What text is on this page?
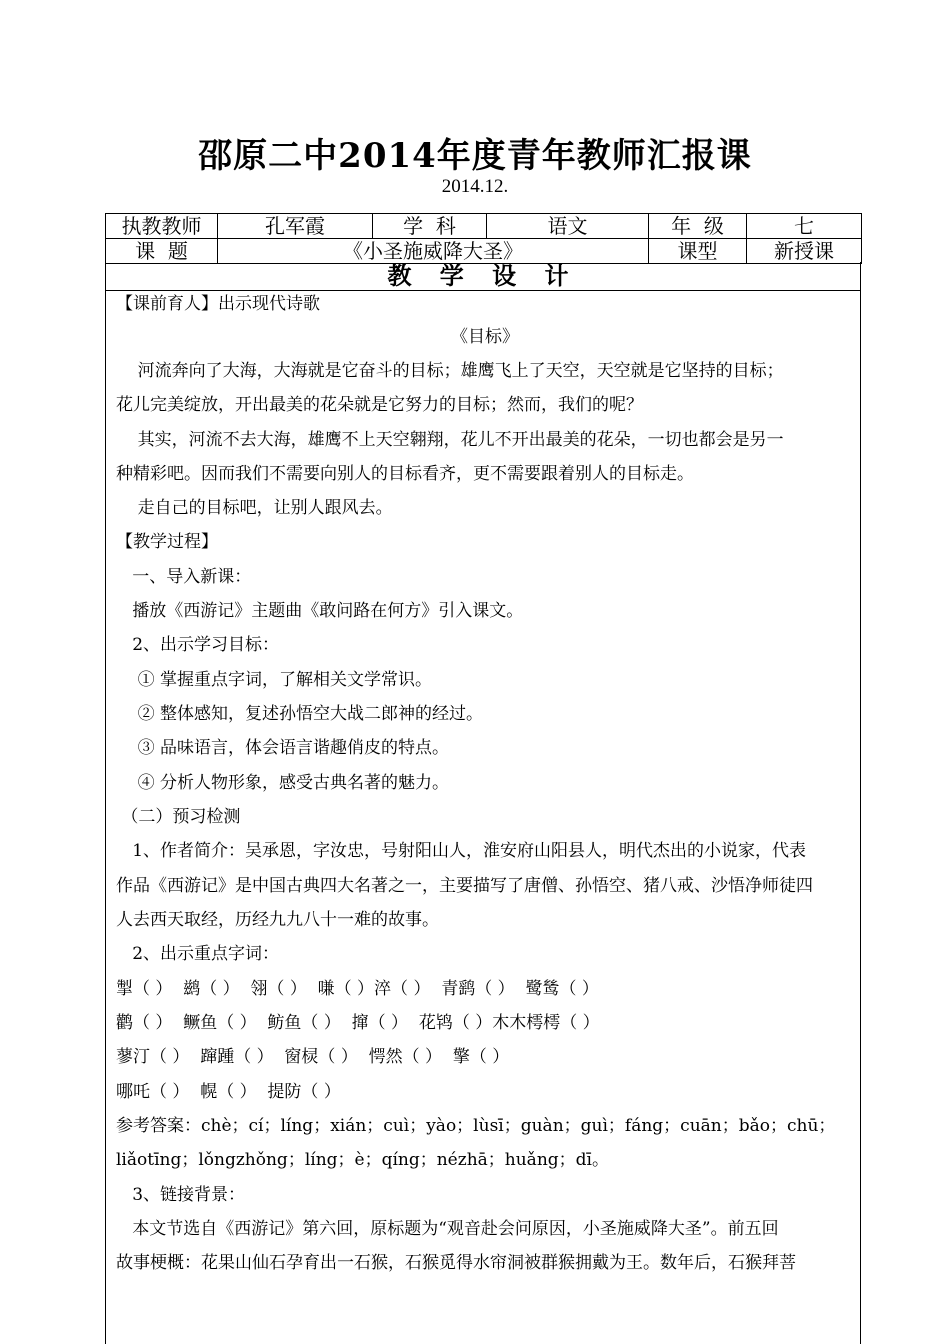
邵原二中2014年度青年教师汇报课
2014.12.
执教教师	孔军霞	学  科	语文	年  级	七
课  题	《小圣施威降大圣》			课型	新授课
教 学 设 计
【课前育人】出示现代诗歌
《目标》
河流奔向了大海，大海就是它奋斗的目标；雄鹰飞上了天空，天空就是它坚持的目标；
花儿完美绽放，开出最美的花朵就是它努力的目标；然而，我们的呢？
其实，河流不去大海，雄鹰不上天空翱翔，花儿不开出最美的花朵，一切也都会是另一
种精彩吧。因而我们不需要向别人的目标看齐，更不需要跟着别人的目标走。
走自己的目标吧，让别人跟风去。
【教学过程】
一、导入新课：
播放《西游记》主题曲《敢问路在何方》引入课文。
2、出示学习目标：
① 掌握重点字词，了解相关文学常识。
② 整体感知，复述孙悟空大战二郎神的经过。
③ 品味语言，体会语言谐趣俏皮的特点。
④ 分析人物形象，感受古典名著的魅力。
（二）预习检测
1、作者简介：吴承恩，字汝忠，号射阳山人，淮安府山阳县人，明代杰出的小说家，代表
作品《西游记》是中国古典四大名著之一，主要描写了唐僧、孙悟空、猪八戒、沙悟净师徒四
人去西天取经，历经九九八十一难的故事。
2、出示重点字词：
掣（ ）  鹚（ ）  翎（ ）  嗛（ ）淬（ ）  青鹞（ ）  鹭鸶（ ）
鹳（ ）  鳜鱼（ ）  鲂鱼（ ）  撺（ ）  花鸨（ ）木木樗樗（ ）
蓼汀（ ）  蹿踵（ ）  窗棂（ ）  愕然（ ）  擎（ ）
哪吒（ ）  幌（ ）  提防（ ）
参考答案：chè；cí；líng；xián；cuì；yào；lùsī；guàn；guì；fáng；cuān；bǎo；chū；
liǎotīng；lǒngzhǒng；líng；è；qíng；nézhā；huǎng；dī。
3、链接背景：
本文节选自《西游记》第六回，原标题为“观音赴会问原因，小圣施威降大圣”。前五回
故事梗概：花果山仙石孕育出一石猴，石猴觅得水帘洞被群猴拥戴为王。数年后，石猴拜菩
